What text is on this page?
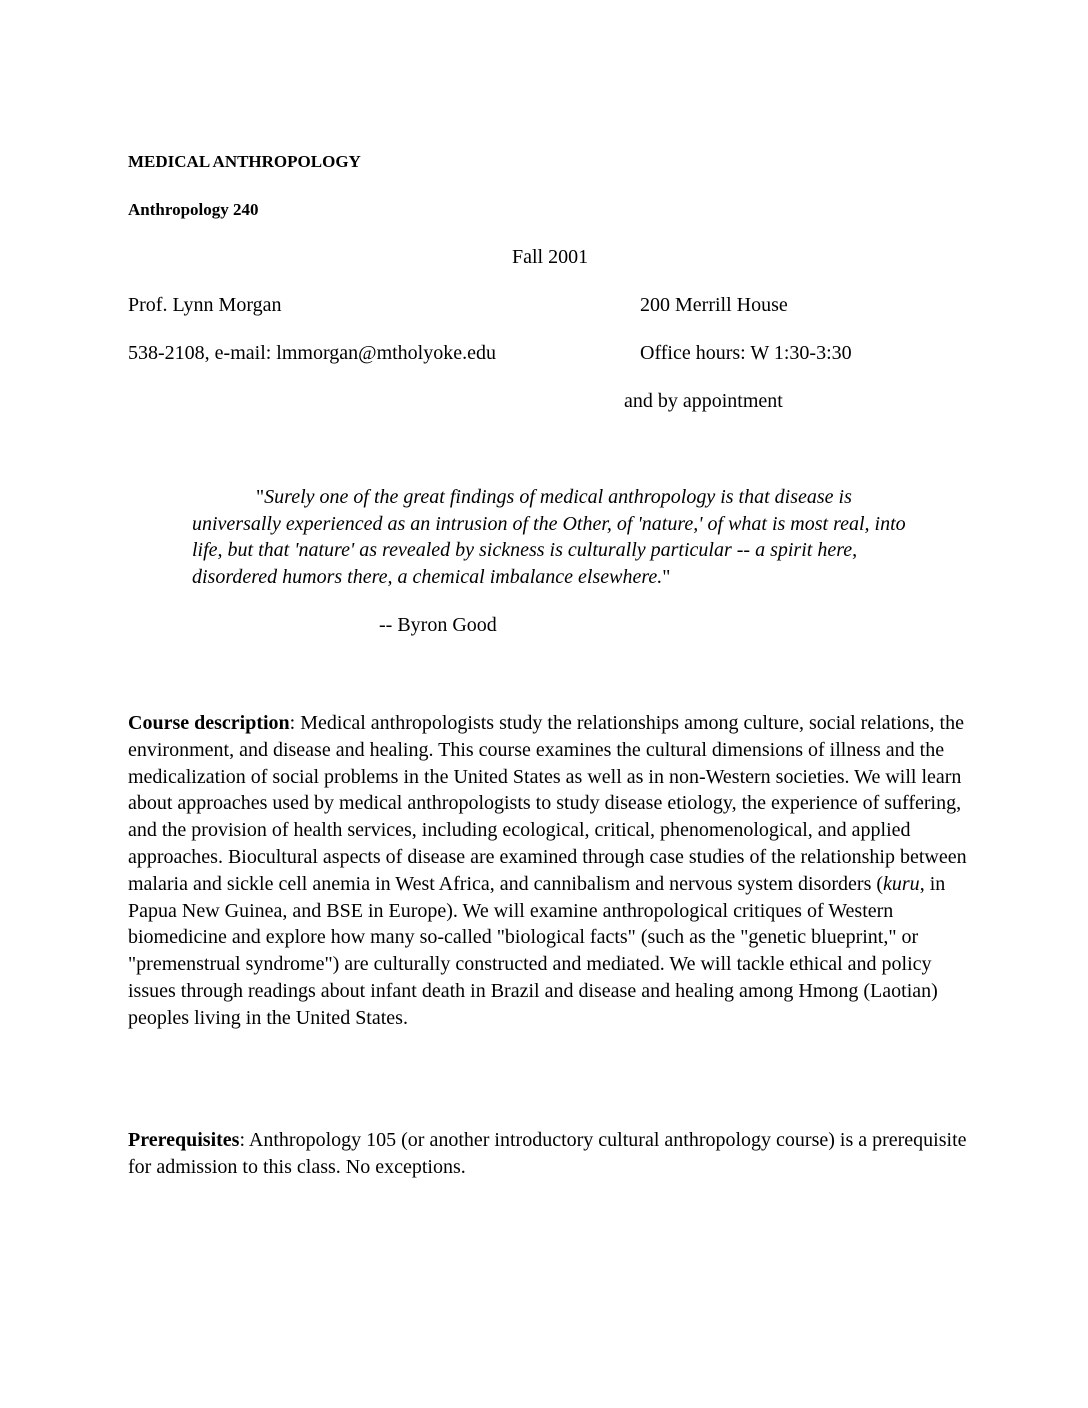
MEDICAL ANTHROPOLOGY
Anthropology 240
Fall 2001
Prof. Lynn Morgan	200 Merrill House
538-2108, e-mail: lmmorgan@mtholyoke.edu	Office hours: W 1:30-3:30
and by appointment
"Surely one of the great findings of medical anthropology is that disease is universally experienced as an intrusion of the Other, of 'nature,' of what is most real, into life, but that 'nature' as revealed by sickness is culturally particular -- a spirit here, disordered humors there, a chemical imbalance elsewhere."
-- Byron Good
Course description: Medical anthropologists study the relationships among culture, social relations, the environment, and disease and healing. This course examines the cultural dimensions of illness and the medicalization of social problems in the United States as well as in non-Western societies. We will learn about approaches used by medical anthropologists to study disease etiology, the experience of suffering, and the provision of health services, including ecological, critical, phenomenological, and applied approaches. Biocultural aspects of disease are examined through case studies of the relationship between malaria and sickle cell anemia in West Africa, and cannibalism and nervous system disorders (kuru, in Papua New Guinea, and BSE in Europe). We will examine anthropological critiques of Western biomedicine and explore how many so-called "biological facts" (such as the "genetic blueprint," or "premenstrual syndrome") are culturally constructed and mediated. We will tackle ethical and policy issues through readings about infant death in Brazil and disease and healing among Hmong (Laotian) peoples living in the United States.
Prerequisites: Anthropology 105 (or another introductory cultural anthropology course) is a prerequisite for admission to this class. No exceptions.
